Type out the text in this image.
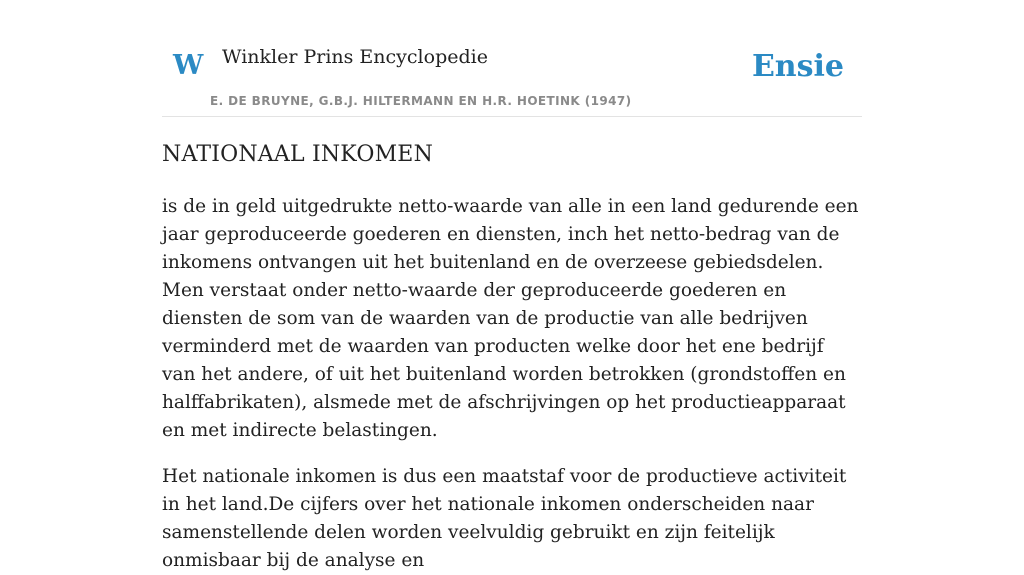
W Winkler Prins Encyclopedie
E. DE BRUYNE, G.B.J. HILTERMANN EN H.R. HOETINK (1947)
Ensie
NATIONAAL INKOMEN

is de in geld uitgedrukte netto-waarde van alle in een land gedurende een jaar geproduceerde goederen en diensten, inch het netto-bedrag van de inkomens ontvangen uit het buitenland en de overzeese gebiedsdelen. Men verstaat onder netto-waarde der geproduceerde goederen en diensten de som van de waarden van de productie van alle bedrijven verminderd met de waarden van producten welke door het ene bedrijf van het andere, of uit het buitenland worden betrokken (grondstoffen en halffabrikaten), alsmede met de afschrijvingen op het productieapparaat en met indirecte belastingen.

Het nationale inkomen is dus een maatstaf voor de productieve activiteit in het land.De cijfers over het nationale inkomen onderscheiden naar samenstellende delen worden veelvuldig gebruikt en zijn feitelijk onmisbaar bij de analyse en
